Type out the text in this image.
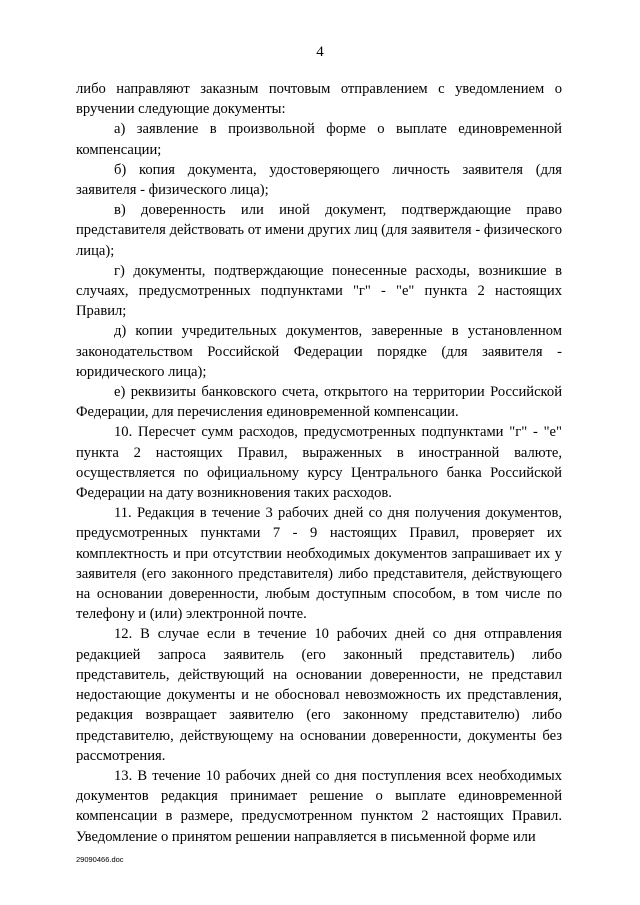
4

либо направляют заказным почтовым отправлением с уведомлением о вручении следующие документы:

а) заявление в произвольной форме о выплате единовременной компенсации;

б) копия документа, удостоверяющего личность заявителя (для заявителя - физического лица);

в) доверенность или иной документ, подтверждающие право представителя действовать от имени других лиц (для заявителя - физического лица);

г) документы, подтверждающие понесенные расходы, возникшие в случаях, предусмотренных подпунктами "г" - "е" пункта 2 настоящих Правил;

д) копии учредительных документов, заверенные в установленном законодательством Российской Федерации порядке (для заявителя - юридического лица);

е) реквизиты банковского счета, открытого на территории Российской Федерации, для перечисления единовременной компенсации.

10. Пересчет сумм расходов, предусмотренных подпунктами "г" - "е" пункта 2 настоящих Правил, выраженных в иностранной валюте, осуществляется по официальному курсу Центрального банка Российской Федерации на дату возникновения таких расходов.

11. Редакция в течение 3 рабочих дней со дня получения документов, предусмотренных пунктами 7 - 9 настоящих Правил, проверяет их комплектность и при отсутствии необходимых документов запрашивает их у заявителя (его законного представителя) либо представителя, действующего на основании доверенности, любым доступным способом, в том числе по телефону и (или) электронной почте.

12. В случае если в течение 10 рабочих дней со дня отправления редакцией запроса заявитель (его законный представитель) либо представитель, действующий на основании доверенности, не представил недостающие документы и не обосновал невозможность их представления, редакция возвращает заявителю (его законному представителю) либо представителю, действующему на основании доверенности, документы без рассмотрения.

13. В течение 10 рабочих дней со дня поступления всех необходимых документов редакция принимает решение о выплате единовременной компенсации в размере, предусмотренном пунктом 2 настоящих Правил. Уведомление о принятом решении направляется в письменной форме или

29090466.doc
